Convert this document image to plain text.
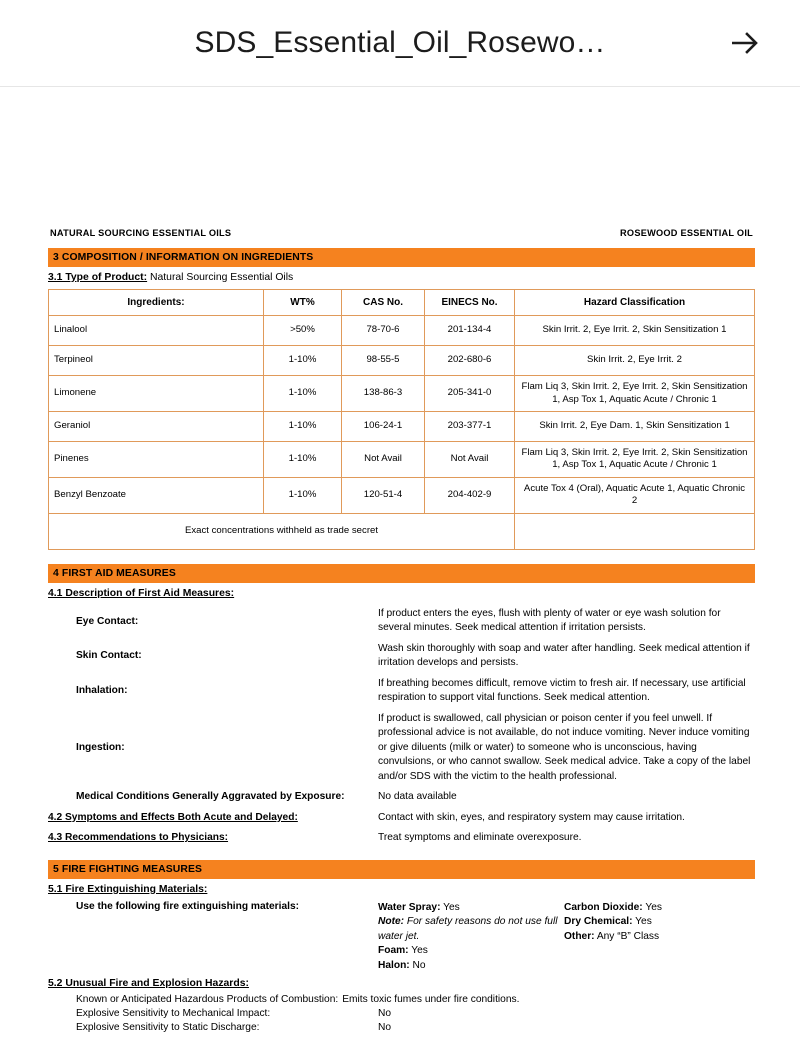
SDS_Essential_Oil_Rosewo…
NATURAL SOURCING ESSENTIAL OILS	ROSEWOOD ESSENTIAL OIL
3 COMPOSITION / INFORMATION ON INGREDIENTS
3.1 Type of Product: Natural Sourcing Essential Oils
Ingredients:	WT%	CAS No.	EINECS No.	Hazard Classification
Linalool	>50%	78-70-6	201-134-4	Skin Irrit. 2, Eye Irrit. 2, Skin Sensitization 1
Terpineol	1-10%	98-55-5	202-680-6	Skin Irrit. 2, Eye Irrit. 2
Limonene	1-10%	138-86-3	205-341-0	Flam Liq 3, Skin Irrit. 2, Eye Irrit. 2, Skin Sensitization 1, Asp Tox 1, Aquatic Acute / Chronic 1
Geraniol	1-10%	106-24-1	203-377-1	Skin Irrit. 2, Eye Dam. 1, Skin Sensitization 1
Pinenes	1-10%	Not Avail	Not Avail	Flam Liq 3, Skin Irrit. 2, Eye Irrit. 2, Skin Sensitization 1, Asp Tox 1, Aquatic Acute / Chronic 1
Benzyl Benzoate	1-10%	120-51-4	204-402-9	Acute Tox 4 (Oral), Aquatic Acute 1, Aquatic Chronic 2
Exact concentrations withheld as trade secret				
4 FIRST AID MEASURES
4.1 Description of First Aid Measures:
Eye Contact:
If product enters the eyes, flush with plenty of water or eye wash solution for several minutes. Seek medical attention if irritation persists.
Skin Contact:
Wash skin thoroughly with soap and water after handling. Seek medical attention if irritation develops and persists.
Inhalation:
If breathing becomes difficult, remove victim to fresh air. If necessary, use artificial respiration to support vital functions. Seek medical attention.
Ingestion:
If product is swallowed, call physician or poison center if you feel unwell. If professional advice is not available, do not induce vomiting. Never induce vomiting or give diluents (milk or water) to someone who is unconscious, having convulsions, or who cannot swallow. Seek medical advice. Take a copy of the label and/or SDS with the victim to the health professional.
Medical Conditions Generally Aggravated by Exposure:	No data available
4.2 Symptoms and Effects Both Acute and Delayed:	Contact with skin, eyes, and respiratory system may cause irritation.
4.3 Recommendations to Physicians:	Treat symptoms and eliminate overexposure.
5 FIRE FIGHTING MEASURES
5.1 Fire Extinguishing Materials:
Use the following fire extinguishing materials:	Water Spray: Yes
Note: For safety reasons do not use full water jet.
Foam: Yes
Halon: No
Carbon Dioxide: Yes
Dry Chemical: Yes
Other: Any “B” Class
5.2 Unusual Fire and Explosion Hazards:
Known or Anticipated Hazardous Products of Combustion: Emits toxic fumes under fire conditions.
Explosive Sensitivity to Mechanical Impact:	No
Explosive Sensitivity to Static Discharge:	No
